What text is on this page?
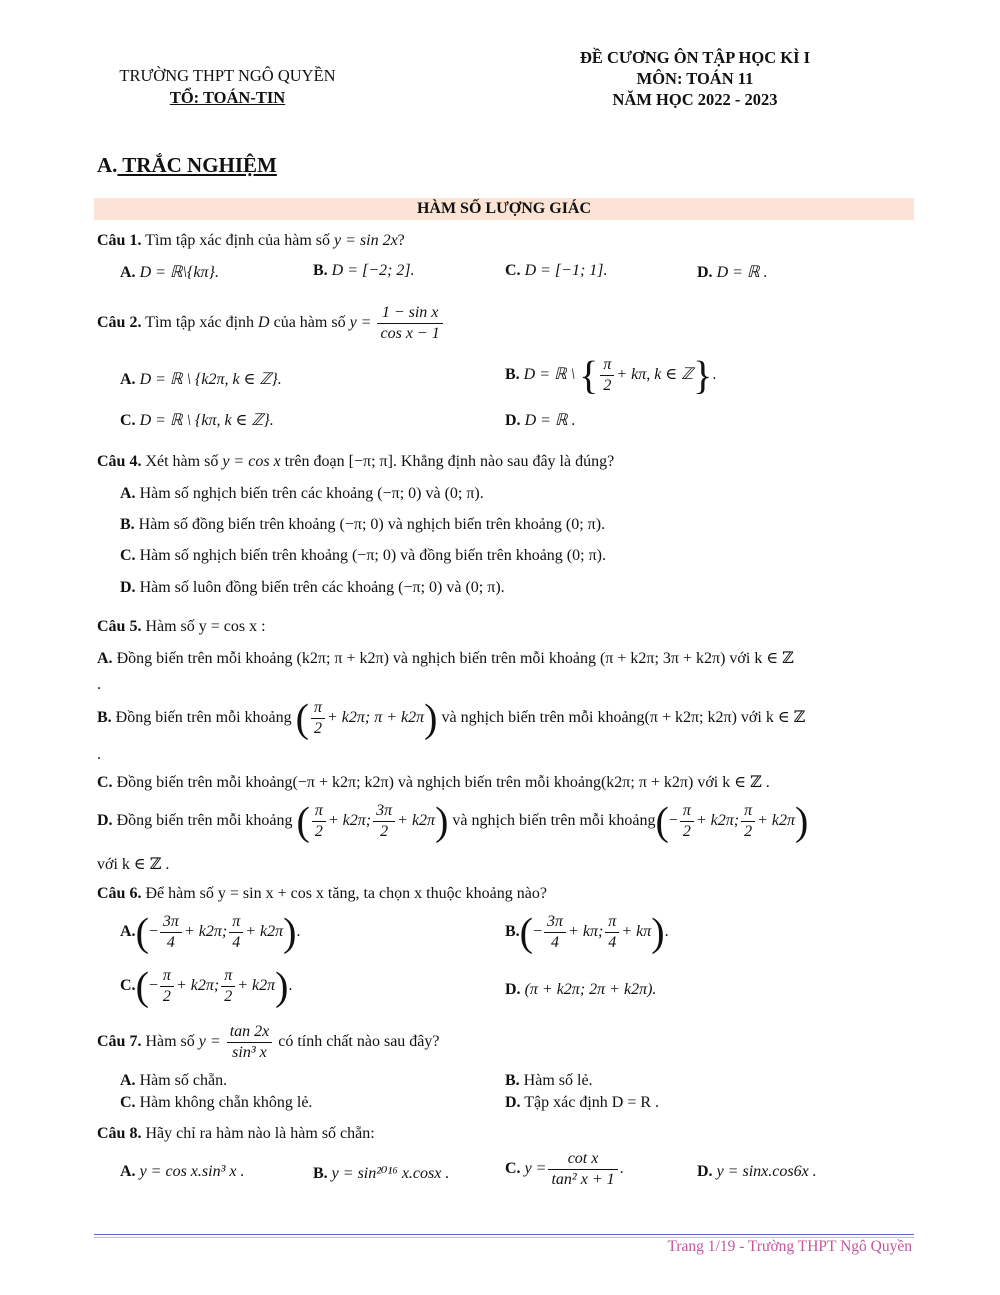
TRƯỜNG THPT NGÔ QUYỀN
TỔ: TOÁN-TIN
ĐỀ CƯƠNG ÔN TẬP HỌC KÌ I
MÔN: TOÁN 11
NĂM HỌC 2022 - 2023
A. TRẮC NGHIỆM
HÀM SỐ LƯỢNG GIÁC
Câu 1. Tìm tập xác định của hàm số y = sin 2x?
A. D = ℝ\{kπ}.	B. D = [−2; 2].	C. D = [−1; 1].	D. D = ℝ .
Câu 2. Tìm tập xác định D của hàm số $y = \frac{\text{1 − sin x}}{\text{cos x − 1}}$
A. D = ℝ \ {k2π, k ∈ ℤ}.	B. D = ℝ \ { $\frac{\pi}{2} + k\pi$, k ∈ ℤ}.
C. D = ℝ \ {kπ, k ∈ ℤ}.	D. D = ℝ .
Câu 4. Xét hàm số y = cos x trên đoạn [−π; π]. Khẳng định nào sau đây là đúng?
A. Hàm số nghịch biến trên các khoảng (−π; 0) và (0; π).
B. Hàm số đồng biến trên khoảng (−π; 0) và nghịch biến trên khoảng (0; π).
C. Hàm số nghịch biến trên khoảng (−π; 0) và đồng biến trên khoảng (0; π).
D. Hàm số luôn đồng biến trên các khoảng (−π; 0) và (0; π).
Câu 5. Hàm số y = cos x :
A. Đồng biến trên mỗi khoảng (k2π; π + k2π) và nghịch biến trên mỗi khoảng (π + k2π; 3π + k2π) với k ∈ ℤ
.
B. Đồng biến trên mỗi khoảng ( $\frac{\pi}{2} + k2\pi$; π + k2π) và nghịch biến trên mỗi khoảng(π + k2π; k2π) với k ∈ ℤ
.
C. Đồng biến trên mỗi khoảng(−π + k2π; k2π) và nghịch biến trên mỗi khoảng(k2π; π + k2π) với k ∈ ℤ .
D. Đồng biến trên mỗi khoảng ( $\frac{\pi}{2} + k2\pi$; $\frac{3\pi}{2} + k2\pi$) và nghịch biến trên mỗi khoảng(− $\frac{\pi}{2} + k2\pi$; $\frac{\pi}{2} + k2\pi$)
với k ∈ ℤ .
Câu 6. Để hàm số y = sin x + cos x tăng, ta chọn x thuộc khoảng nào?
$A.(- \frac{3\pi}{4} + k2\pi$; $\frac{\pi}{4} + k2\pi$).	$B.(- \frac{3\pi}{4} + k\pi$; $\frac{\pi}{4} + k\pi$).
$C.(- \frac{\pi}{2} + k2\pi$; $\frac{\pi}{2} + k2\pi$).	D. (π + k2π; 2π + k2π).
Câu 7. Hàm số $y = \frac{\tan 2x}{\text{sin³ x}}$ có tính chất nào sau đây?
A. Hàm số chẵn.	B. Hàm số lẻ.
C. Hàm không chẵn không lẻ.	D. Tập xác định D = R .
Câu 8. Hãy chỉ ra hàm nào là hàm số chẵn:
A. y = cos x.sin³ x .	B. y = sin²⁰¹⁶ x.cosx .	C. $y = \frac{\text{cot x}}{\text{tan² x + 1}}$ .	D. y = sinx.cos6x .
Trang 1/19 - Trường THPT Ngô Quyền
